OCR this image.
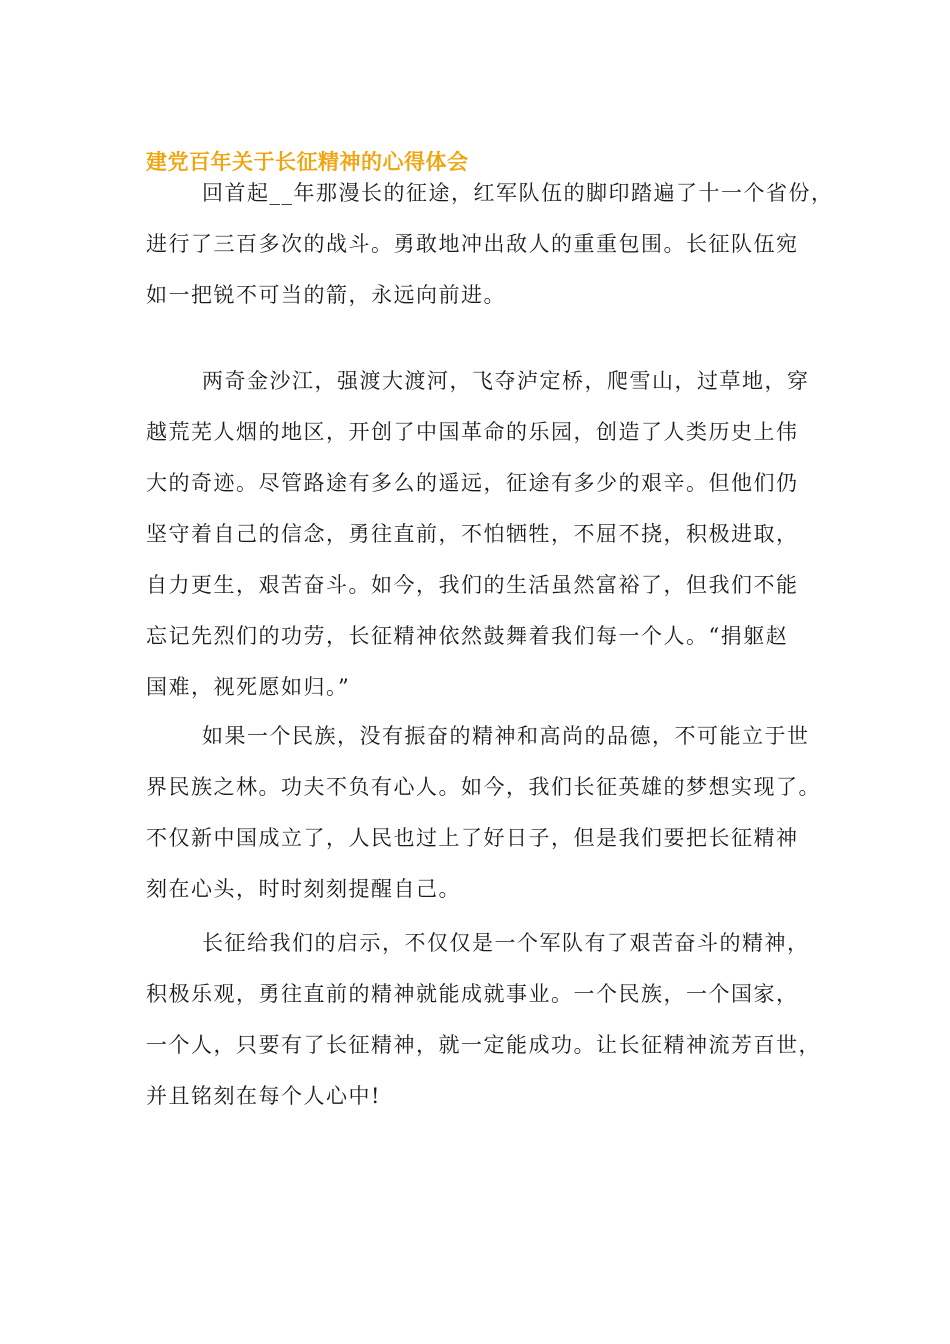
建党百年关于长征精神的心得体会
回首起__年那漫长的征途，红军队伍的脚印踏遍了十一个省份，
进行了三百多次的战斗。勇敢地冲出敌人的重重包围。长征队伍宛
如一把锐不可当的箭，永远向前进。
两奇金沙江，强渡大渡河，飞夺泸定桥，爬雪山，过草地，穿
越荒芜人烟的地区，开创了中国革命的乐园，创造了人类历史上伟
大的奇迹。尽管路途有多么的遥远，征途有多少的艰辛。但他们仍
坚守着自己的信念，勇往直前，不怕牺牲，不屈不挠，积极进取，
自力更生，艰苦奋斗。如今，我们的生活虽然富裕了，但我们不能
忘记先烈们的功劳，长征精神依然鼓舞着我们每一个人。“捐躯赵
国难，视死愿如归。”
如果一个民族，没有振奋的精神和高尚的品德，不可能立于世
界民族之林。功夫不负有心人。如今，我们长征英雄的梦想实现了。
不仅新中国成立了，人民也过上了好日子，但是我们要把长征精神
刻在心头，时时刻刻提醒自己。
长征给我们的启示，不仅仅是一个军队有了艰苦奋斗的精神，
积极乐观，勇往直前的精神就能成就事业。一个民族，一个国家，
一个人，只要有了长征精神，就一定能成功。让长征精神流芳百世，
并且铭刻在每个人心中!
